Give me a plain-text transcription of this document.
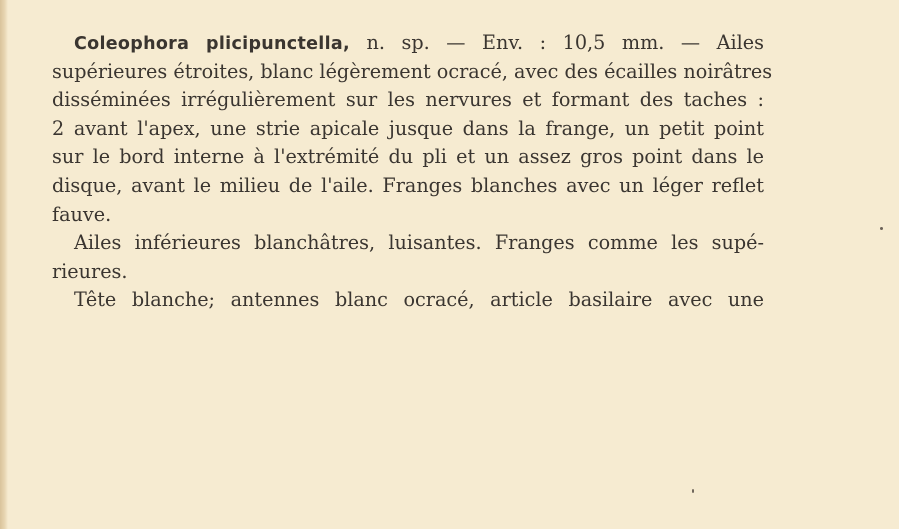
Coleophora plicipunctella, n. sp. — Env. : 10,5 mm. — Ailes
supérieures étroites, blanc légèrement ocracé, avec des écailles noirâtres
disséminées irrégulièrement sur les nervures et formant des taches :
2 avant l'apex, une strie apicale jusque dans la frange, un petit point
sur le bord interne à l'extrémité du pli et un assez gros point dans le
disque, avant le milieu de l'aile. Franges blanches avec un léger reflet
fauve.
Ailes inférieures blanchâtres, luisantes. Franges comme les supé-
rieures.
Tête blanche; antennes blanc ocracé, article basilaire avec une
